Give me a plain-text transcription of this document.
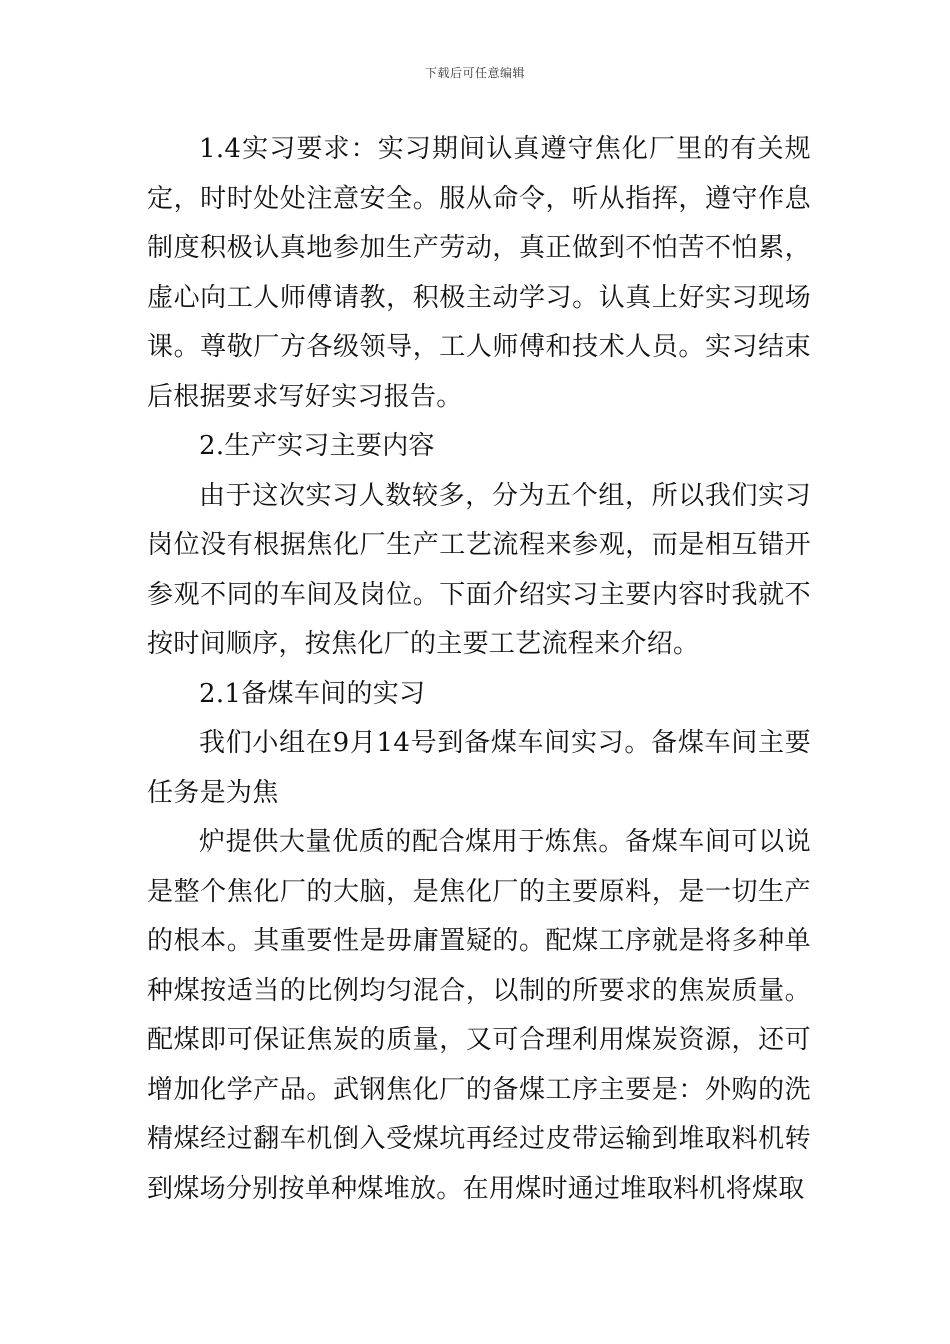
下载后可任意编辑

1.4实习要求：实习期间认真遵守焦化厂里的有关规定，时时处处注意安全。服从命令，听从指挥，遵守作息制度积极认真地参加生产劳动，真正做到不怕苦不怕累，虚心向工人师傅请教，积极主动学习。认真上好实习现场课。尊敬厂方各级领导，工人师傅和技术人员。实习结束后根据要求写好实习报告。

2.生产实习主要内容

由于这次实习人数较多，分为五个组，所以我们实习岗位没有根据焦化厂生产工艺流程来参观，而是相互错开参观不同的车间及岗位。下面介绍实习主要内容时我就不按时间顺序，按焦化厂的主要工艺流程来介绍。

2.1备煤车间的实习

我们小组在9月14号到备煤车间实习。备煤车间主要任务是为焦

炉提供大量优质的配合煤用于炼焦。备煤车间可以说是整个焦化厂的大脑，是焦化厂的主要原料，是一切生产的根本。其重要性是毋庸置疑的。配煤工序就是将多种单种煤按适当的比例均匀混合，以制的所要求的焦炭质量。配煤即可保证焦炭的质量，又可合理利用煤炭资源，还可增加化学产品。武钢焦化厂的备煤工序主要是：外购的洗精煤经过翻车机倒入受煤坑再经过皮带运输到堆取料机转到煤场分别按单种煤堆放。在用煤时通过堆取料机将煤取
